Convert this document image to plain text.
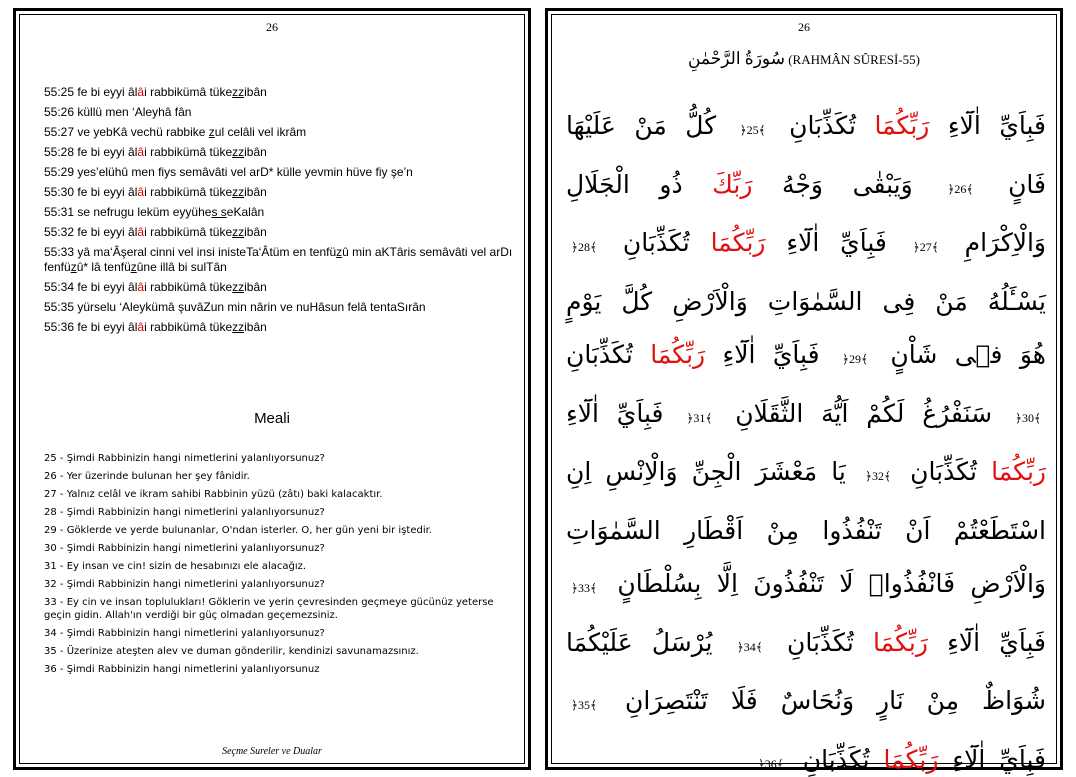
26
55:25 fe bi eyyi âlâi rabbikümâ tükezzibân
55:26 küllü men ‘Aleyhâ fân
55:27 ve yebKâ vechü rabbike zul celâli vel ikrâm
55:28 fe bi eyyi âlâi rabbikümâ tükezzibân
55:29 yes’elühû men fiys semâvâti vel arD* külle yevmin hüve fiy şe’n
55:30 fe bi eyyi âlâi rabbikümâ tükezzibân
55:31 se nefrugu leküm eyyühes seKalân
55:32 fe bi eyyi âlâi rabbikümâ tükezzibân
55:33 yâ ma‘Âşeral cinni vel insi inisteTa‘Âtüm en tenfüzû min aKTâris semâvâti vel arDı fenfüzû* lâ tenfüzûne illâ bi sulTân
55:34 fe bi eyyi âlâi rabbikümâ tükezzibân
55:35 yürselu ‘Aleykümâ şuvâZun min nârin ve nuHâsun felâ tentaSırân
55:36 fe bi eyyi âlâi rabbikümâ tükezzibân
Meali
25 - Şimdi Rabbinizin hangi nimetlerini yalanlıyorsunuz?
26 - Yer üzerinde bulunan her şey fânidir.
27 - Yalnız celâl ve ikram sahibi Rabbinin yüzü (zâtı) baki kalacaktır.
28 - Şimdi Rabbinizin hangi nimetlerini yalanlıyorsunuz?
29 - Göklerde ve yerde bulunanlar, O'ndan isterler. O, her gün yeni bir iştedir.
30 - Şimdi Rabbinizin hangi nimetlerini yalanlıyorsunuz?
31 - Ey insan ve cin! sizin de hesabınızı ele alacağız.
32 - Şimdi Rabbinizin hangi nimetlerini yalanlıyorsunuz?
33 - Ey cin ve insan toplulukları! Göklerin ve yerin çevresinden geçmeye gücünüz yeterse geçin gidin. Allah'ın verdiği bir güç olmadan geçemezsiniz.
34 - Şimdi Rabbinizin hangi nimetlerini yalanlıyorsunuz?
35 - Üzerinize ateşten alev ve duman gönderilir, kendinizi savunamazsınız.
36 - Şimdi Rabbinizin hangi nimetlerini yalanlıyorsunuz
Seçme Sureler ve Dualar
26
سُورَةُ الرَّحْمٰنِ (RAHMÂN SÛRESİ-55)
فَبِاَيِّ اٰلَٓاءِ رَبِّكُمَا تُكَذِّبَانِ ﴿25﴾ كُلُّ مَنْ عَلَيْهَا فَانٍ ﴿26﴾ وَيَبْقٰى وَجْهُ رَبِّكَ ذُو الْجَلَالِ وَالْاِكْرَامِ ﴿27﴾ فَبِاَيِّ اٰلَٓاءِ رَبِّكُمَا تُكَذِّبَانِ ﴿28﴾ يَسْـَٔلُهُ مَنْ فِى السَّمٰوَاتِ وَالْاَرْضِ كُلَّ يَوْمٍ هُوَ فٖى شَاْنٍ ﴿29﴾ فَبِاَيِّ اٰلَٓاءِ رَبِّكُمَا تُكَذِّبَانِ ﴿30﴾ سَنَفْرُغُ لَكُمْ اَيُّهَ الثَّقَلَانِ ﴿31﴾ فَبِاَيِّ اٰلَٓاءِ رَبِّكُمَا تُكَذِّبَانِ ﴿32﴾ يَا مَعْشَرَ الْجِنِّ وَالْاِنْسِ اِنِ اسْتَطَعْتُمْ اَنْ تَنْفُذُوا مِنْ اَقْطَارِ السَّمٰوَاتِ وَالْاَرْضِ فَانْفُذُواۜ لَا تَنْفُذُونَ اِلَّا بِسُلْطَانٍ ﴿33﴾ فَبِاَيِّ اٰلَٓاءِ رَبِّكُمَا تُكَذِّبَانِ ﴿34﴾ يُرْسَلُ عَلَيْكُمَا شُوَاظٌ مِنْ نَارٍ وَنُحَاسٌ فَلَا تَنْتَصِرَانِ ﴿35﴾ فَبِاَيِّ اٰلَٓاءِ رَبِّكُمَا تُكَذِّبَانِ ﴿36﴾
